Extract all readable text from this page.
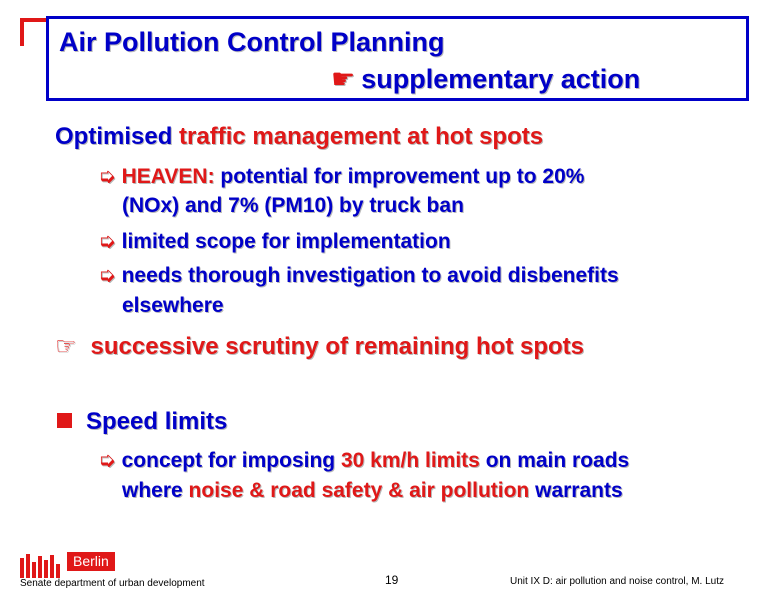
Air Pollution Control Planning
☛ supplementary action
Optimised traffic management at hot spots
➭ HEAVEN: potential for improvement up to 20%
(NOx) and 7% (PM10) by truck ban
➭ limited scope for implementation
➭ needs thorough investigation to avoid disbenefits
elsewhere
☞ successive scrutiny of remaining hot spots
Speed limits
➭ concept for imposing 30 km/h limits on main roads
where noise & road safety & air pollution warrants
Berlin
Senate department of urban development	19	Unit IX D: air pollution and noise control, M. Lutz
